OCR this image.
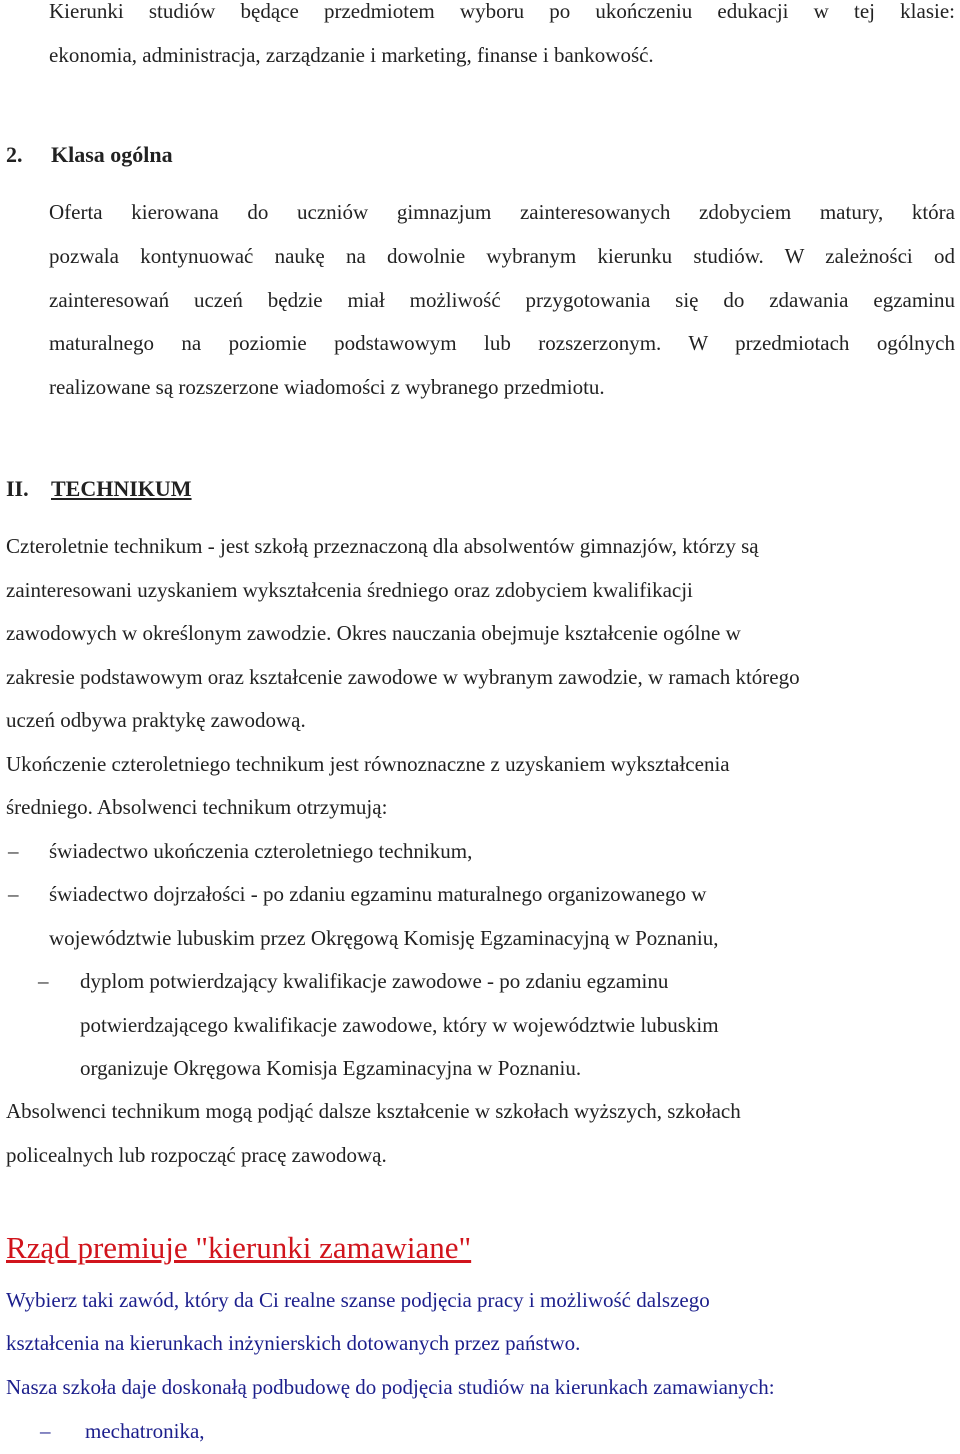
Kierunki studiów będące przedmiotem wyboru po ukończeniu edukacji w tej klasie:

ekonomia, administracja, zarządzanie i marketing, finanse i bankowość.

2. Klasa ogólna

Oferta kierowana do uczniów gimnazjum zainteresowanych zdobyciem matury, która

pozwala kontynuować naukę na dowolnie wybranym kierunku studiów. W zależności od

zainteresowań uczeń będzie miał możliwość przygotowania się do zdawania egzaminu

maturalnego na poziomie podstawowym lub rozszerzonym. W przedmiotach ogólnych

realizowane są rozszerzone wiadomości z wybranego przedmiotu.

II. TECHNIKUM

Czteroletnie technikum - jest szkołą przeznaczoną dla absolwentów gimnazjów, którzy są

zainteresowani uzyskaniem wykształcenia średniego oraz zdobyciem kwalifikacji

zawodowych w określonym zawodzie. Okres nauczania obejmuje kształcenie ogólne w

zakresie podstawowym oraz kształcenie zawodowe w wybranym zawodzie, w ramach którego

uczeń odbywa praktykę zawodową.

Ukończenie czteroletniego technikum jest równoznaczne z uzyskaniem wykształcenia

średniego. Absolwenci technikum otrzymują:

– świadectwo ukończenia czteroletniego technikum,

– świadectwo dojrzałości - po zdaniu egzaminu maturalnego organizowanego w

województwie lubuskim przez Okręgową Komisję Egzaminacyjną w Poznaniu,

– dyplom potwierdzający kwalifikacje zawodowe - po zdaniu egzaminu

potwierdzającego kwalifikacje zawodowe, który w województwie lubuskim

organizuje Okręgowa Komisja Egzaminacyjna w Poznaniu.

Absolwenci technikum mogą podjąć dalsze kształcenie w szkołach wyższych, szkołach

policealnych lub rozpocząć pracę zawodową.

Rząd premiuje "kierunki zamawiane"

Wybierz taki zawód, który da Ci realne szanse podjęcia pracy i możliwość dalszego

kształcenia na kierunkach inżynierskich dotowanych przez państwo.

Nasza szkoła daje doskonałą podbudowę do podjęcia studiów na kierunkach zamawianych:

– mechatronika,
